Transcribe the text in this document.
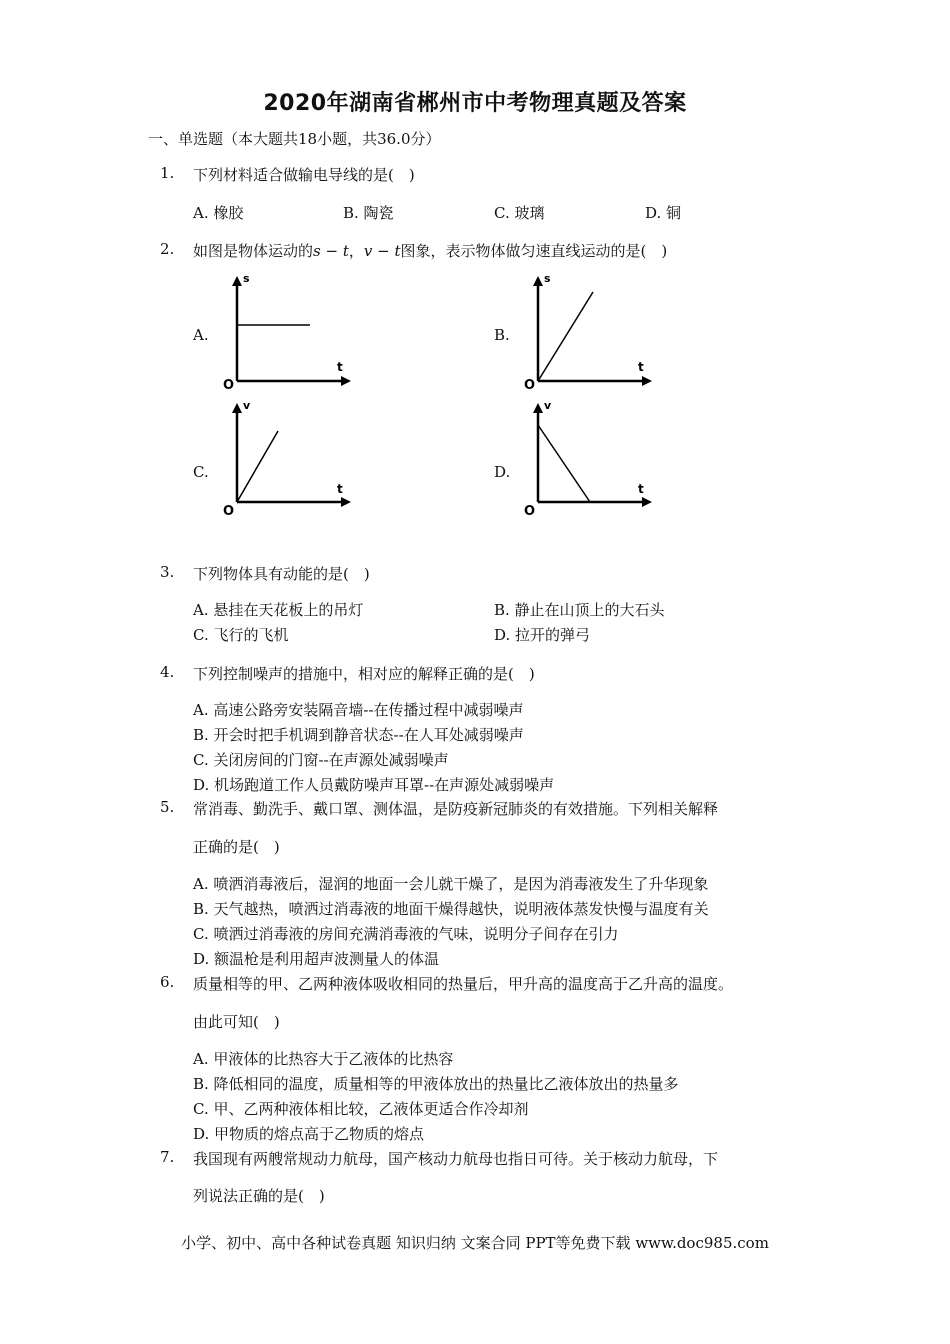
2020年湖南省郴州市中考物理真题及答案
一、单选题（本大题共18小题，共36.0分）
1. 下列材料适合做输电导线的是(　)
A. 橡胶	B. 陶瓷	C. 玻璃	D. 铜
2. 如图是物体运动的s − t，v − t图象，表示物体做匀速直线运动的是(　)
A.	B.
C.	D.
s
t
O
s
t
O
v
t
O
v
t
O
3. 下列物体具有动能的是(　)
A. 悬挂在天花板上的吊灯	B. 静止在山顶上的大石头
C. 飞行的飞机	D. 拉开的弹弓
4. 下列控制噪声的措施中，相对应的解释正确的是(　)
A. 高速公路旁安装隔音墙--在传播过程中减弱噪声
B. 开会时把手机调到静音状态--在人耳处减弱噪声
C. 关闭房间的门窗--在声源处减弱噪声
D. 机场跑道工作人员戴防噪声耳罩--在声源处减弱噪声
5. 常消毒、勤洗手、戴口罩、测体温，是防疫新冠肺炎的有效措施。下列相关解释
正确的是(　)
A. 喷洒消毒液后，湿润的地面一会儿就干燥了，是因为消毒液发生了升华现象
B. 天气越热，喷洒过消毒液的地面干燥得越快，说明液体蒸发快慢与温度有关
C. 喷洒过消毒液的房间充满消毒液的气味，说明分子间存在引力
D. 额温枪是利用超声波测量人的体温
6. 质量相等的甲、乙两种液体吸收相同的热量后，甲升高的温度高于乙升高的温度。
由此可知(　)
A. 甲液体的比热容大于乙液体的比热容
B. 降低相同的温度，质量相等的甲液体放出的热量比乙液体放出的热量多
C. 甲、乙两种液体相比较，乙液体更适合作冷却剂
D. 甲物质的熔点高于乙物质的熔点
7. 我国现有两艘常规动力航母，国产核动力航母也指日可待。关于核动力航母，下
列说法正确的是(　)
小学、初中、高中各种试卷真题 知识归纳 文案合同 PPT等免费下载 www.doc985.com
